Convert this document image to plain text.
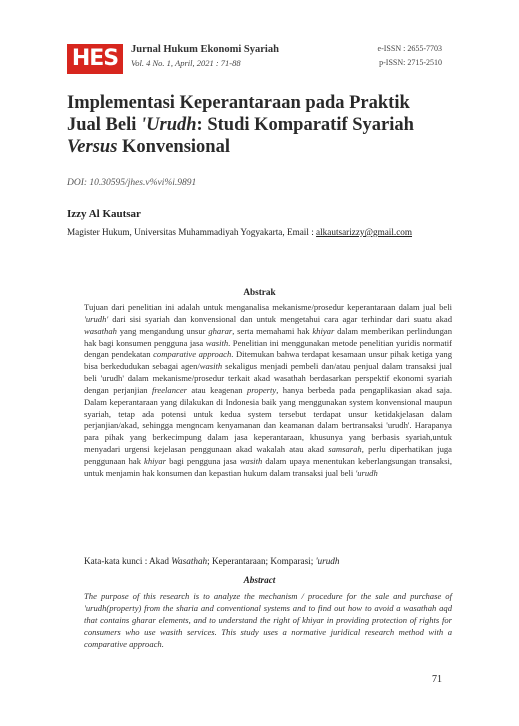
HES	Jurnal Hukum Ekonomi Syariah
Vol. 4 No. 1, April, 2021 : 71-88
e-ISSN : 2655-7703
p-ISSN: 2715-2510
Implementasi Keperantaraan pada Praktik
Jual Beli 'Urudh: Studi Komparatif Syariah
Versus Konvensional
DOI: 10.30595/jhes.v%vi%i.9891
Izzy Al Kautsar
Magister Hukum, Universitas Muhammadiyah Yogyakarta, Email : alkautsarizzy@gmail.com
Abstrak
Tujuan dari penelitian ini adalah untuk menganalisa mekanisme/prosedur keperantaraan dalam jual beli 'urudh' dari sisi syariah dan konvensional dan untuk mengetahui cara agar terhindar dari suatu akad wasathah yang mengandung unsur gharar, serta memahami hak khiyar dalam memberikan perlindungan hak bagi konsumen pengguna jasa wasith. Penelitian ini menggunakan metode penelitian yuridis normatif dengan pendekatan comparative approach. Ditemukan bahwa terdapat kesamaan unsur pihak ketiga yang bisa berkedudukan sebagai agen/wasith sekaligus menjadi pembeli dan/atau penjual dalam transaksi jual beli 'urudh' dalam mekanisme/prosedur terkait akad wasathah berdasarkan perspektif ekonomi syariah dengan perjanjian freelancer atau keagenan property, hanya berbeda pada pengaplikasian akad saja. Dalam keperantaraan yang dilakukan di Indonesia baik yang menggunakan system konvensional maupun syariah, tetap ada potensi untuk kedua system tersebut terdapat unsur ketidakjelasan dalam perjanjian/akad, sehingga mengncam kenyamanan dan keamanan dalam bertransaksi 'urudh'. Harapanya para pihak yang berkecimpung dalam jasa keperantaraan, khusunya yang berbasis syariah,untuk menyadari urgensi kejelasan penggunaan akad wakalah atau akad samsarah, perlu diperhatikan juga penggunaan hak khiyar bagi pengguna jasa wasith dalam upaya menentukan keberlangsungan transaksi, untuk menjamin hak konsumen dan kepastian hukum dalam transaksi jual beli 'urudh
Kata-kata kunci : Akad Wasathah; Keperantaraan; Komparasi; 'urudh
Abstract
The purpose of this research is to analyze the mechanism / procedure for the sale and purchase of 'urudh(property) from the sharia and conventional systems and to find out how to avoid a wasathah aqd that contains gharar elements, and to understand the right of khiyar in providing protection of rights for consumers who use wasith services. This study uses a normative juridical research method with a comparative approach.
71
